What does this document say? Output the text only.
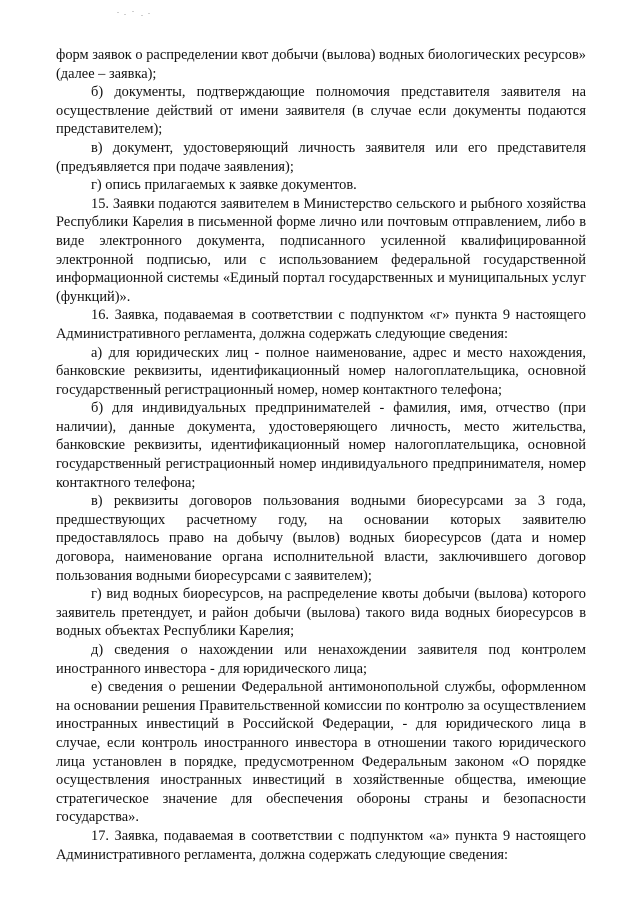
форм заявок о распределении квот добычи (вылова) водных биологических ресурсов» (далее – заявка);

б) документы, подтверждающие полномочия представителя заявителя на осуществление действий от имени заявителя (в случае если документы подаются представителем);

в) документ, удостоверяющий личность заявителя или его представителя (предъявляется при подаче заявления);

г) опись прилагаемых к заявке документов.

15. Заявки подаются заявителем в Министерство сельского и рыбного хозяйства Республики Карелия в письменной форме лично или почтовым отправлением, либо в виде электронного документа, подписанного усиленной квалифицированной электронной подписью, или с использованием федеральной государственной информационной системы «Единый портал государственных и муниципальных услуг (функций)».

16. Заявка, подаваемая в соответствии с подпунктом «г» пункта 9 настоящего Административного регламента, должна содержать следующие сведения:

а) для юридических лиц - полное наименование, адрес и место нахождения, банковские реквизиты, идентификационный номер налогоплательщика, основной государственный регистрационный номер, номер контактного телефона;

б) для индивидуальных предпринимателей - фамилия, имя, отчество (при наличии), данные документа, удостоверяющего личность, место жительства, банковские реквизиты, идентификационный номер налогоплательщика, основной государственный регистрационный номер индивидуального предпринимателя, номер контактного телефона;

в) реквизиты договоров пользования водными биоресурсами за 3 года, предшествующих расчетному году, на основании которых заявителю предоставлялось право на добычу (вылов) водных биоресурсов (дата и номер договора, наименование органа исполнительной власти, заключившего договор пользования водными биоресурсами с заявителем);

г) вид водных биоресурсов, на распределение квоты добычи (вылова) которого заявитель претендует, и район добычи (вылова) такого вида водных биоресурсов в водных объектах Республики Карелия;

д) сведения о нахождении или ненахождении заявителя под контролем иностранного инвестора - для юридического лица;

е) сведения о решении Федеральной антимонопольной службы, оформленном на основании решения Правительственной комиссии по контролю за осуществлением иностранных инвестиций в Российской Федерации, - для юридического лица в случае, если контроль иностранного инвестора в отношении такого юридического лица установлен в порядке, предусмотренном Федеральным законом «О порядке осуществления иностранных инвестиций в хозяйственные общества, имеющие стратегическое значение для обеспечения обороны страны и безопасности государства».

17. Заявка, подаваемая в соответствии с подпунктом «а» пункта 9 настоящего Административного регламента, должна содержать следующие сведения:
